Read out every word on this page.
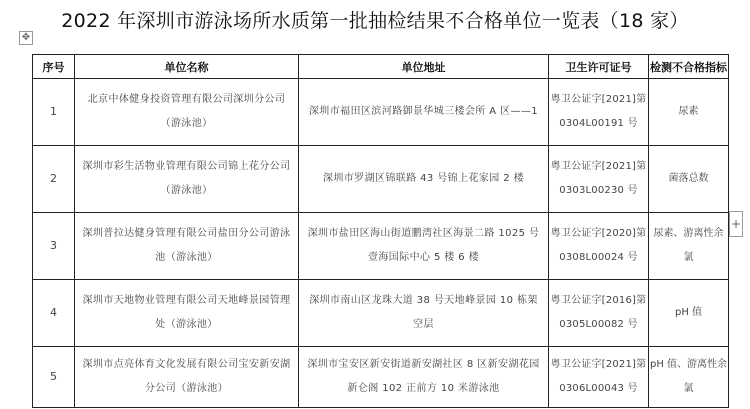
2022 年深圳市游泳场所水质第一批抽检结果不合格单位一览表（18 家）
✥
+
序号	单位名称	单位地址	卫生许可证号	检测不合格指标
1	北京中体健身投资管理有限公司深圳分公司（游泳池）	深圳市福田区滨河路御景华城三楼会所 A 区——1	粤卫公证字[2021]第 0304L00191 号	尿素
2	深圳市彩生活物业管理有限公司锦上花分公司（游泳池）	深圳市罗湖区锦联路 43 号锦上花家园 2 楼	粤卫公证字[2021]第 0303L00230 号	菌落总数
3	深圳普拉达健身管理有限公司盐田分公司游泳池（游泳池）	深圳市盐田区海山街道鹏湾社区海景二路 1025 号壹海国际中心 5 楼 6 楼	粤卫公证字[2020]第 0308L00024 号	尿素、游离性余氯
4	深圳市天地物业管理有限公司天地峰景园管理处（游泳池）	深圳市南山区龙珠大道 38 号天地峰景园 10 栋架空层	粤卫公证字[2016]第 0305L00082 号	pH 值
5	深圳市点亮体育文化发展有限公司宝安新安湖分公司（游泳池）	深圳市宝安区新安街道新安湖社区 8 区新安湖花园新仑阁 102 正前方 10 米游泳池	粤卫公证字[2021]第 0306L00043 号	pH 值、游离性余氯
